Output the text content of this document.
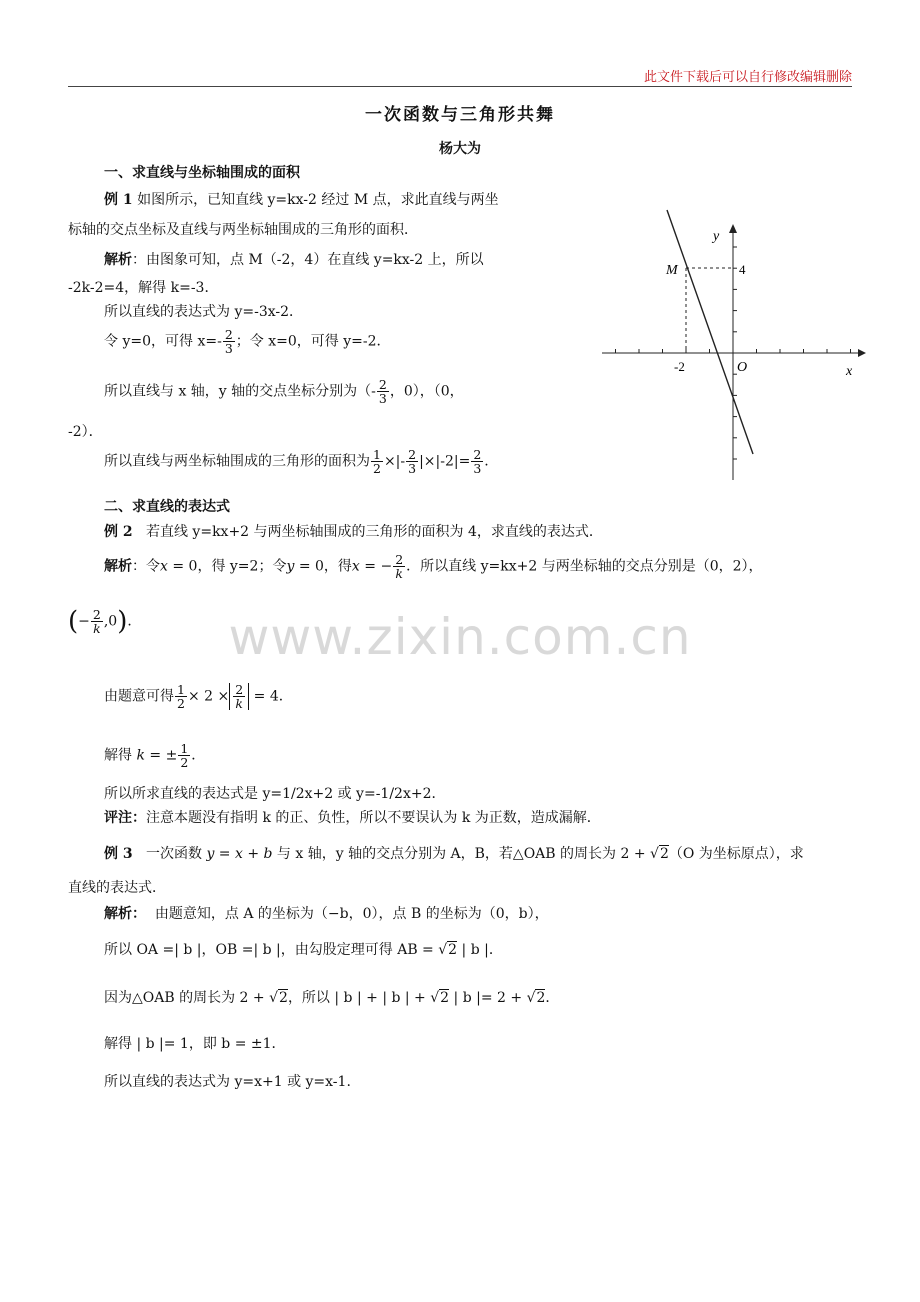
此文件下载后可以自行修改编辑删除
一次函数与三角形共舞
杨大为
一、求直线与坐标轴围成的面积
例 1 如图所示，已知直线 y=kx-2 经过 M 点，求此直线与两坐
标轴的交点坐标及直线与两坐标轴围成的三角形的面积．
解析：由图象可知，点 M（-2，4）在直线 y=kx-2 上，所以
-2k-2=4，解得 k=-3．
所以直线的表达式为 y=-3x-2．
令 y=0，可得 $x=- \frac{2}{3}$ ；令 x=0，可得 y=-2．
所以直线与 x 轴，y 轴的交点坐标分别为（- $\frac{2}{3}$ ，0），（0，
-2）．
所以直线与两坐标轴围成的三角形的面积为 $\frac{1}{2}$ ×|- $\frac{2}{3} |\times|-2|= \frac{2}{3}$ .
y
x
M	4
-2	O
二、求直线的表达式
例 2 若直线 y=kx+2 与两坐标轴围成的三角形的面积为 4，求直线的表达式．
解析：令x = 0，得 y=2；令y = 0，得x = − $\frac{2}{k}$ ．所以直线 y=kx+2 与两坐标轴的交点分别是（0，2），
(− $\frac{2}{k} ,0$)．	www.zixin.com.cn
由题意可得 $\frac{1}{2} \times 2 \times \frac{2}{k} = 4$．
解得 k = ± $\frac{1}{2}$ ．
所以所求直线的表达式是 y=1/2x+2 或 y=-1/2x+2．
评注：注意本题没有指明 k 的正、负性，所以不要误认为 k 为正数，造成漏解．
例 3 一次函数 y = x + b 与 x 轴，y 轴的交点分别为 A，B，若△OAB 的周长为 2 + √2（O 为坐标原点），求
直线的表达式．
解析： 由题意知，点 A 的坐标为（−b，0），点 B 的坐标为（0，b），
所以 OA =| b |，OB =| b |，由勾股定理可得 AB = √2 | b |．
因为△OAB 的周长为 2 + √2，所以 | b | + | b | + √2 | b |= 2 + √2．
解得 | b |= 1，即 b = ±1．
所以直线的表达式为 y=x+1 或 y=x-1.
